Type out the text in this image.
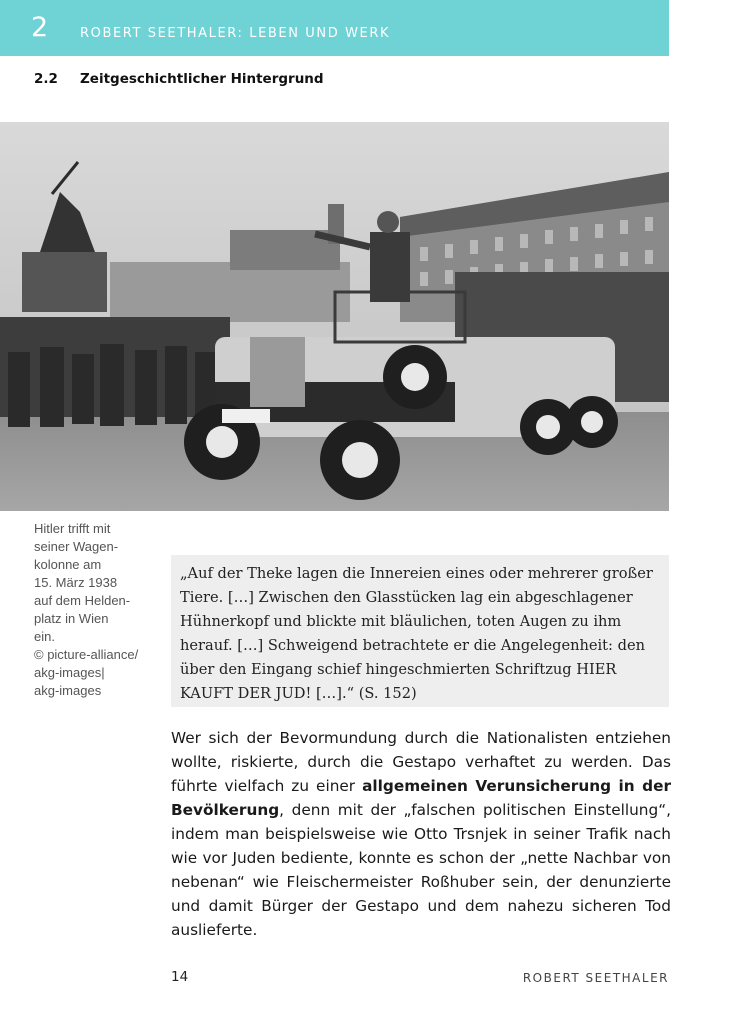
2 ROBERT SEETHALER: LEBEN UND WERK
2.2 Zeitgeschichtlicher Hintergrund
Hitler trifft mit
seiner Wagen-
kolonne am
15. März 1938
auf dem Helden-
platz in Wien
ein.
© picture-alliance/
akg-images|
akg-images
„Auf der Theke lagen die Innereien eines oder mehrerer großer
Tiere. […] Zwischen den Glasstücken lag ein abgeschlagener
Hühnerkopf und blickte mit bläulichen, toten Augen zu ihm
herauf. […] Schweigend betrachtete er die Angelegenheit: den
über den Eingang schief hingeschmierten Schriftzug HIER
KAUFT DER JUD! […].“ (S. 152)
Wer sich der Bevormundung durch die Nationalisten entziehen
wollte, riskierte, durch die Gestapo verhaftet zu werden. Das
führte vielfach zu einer allgemeinen Verunsicherung in der
Bevölkerung, denn mit der „falschen politischen Einstellung“,
indem man beispielsweise wie Otto Trsnjek in seiner Trafik nach
wie vor Juden bediente, konnte es schon der „nette Nachbar von
nebenan“ wie Fleischermeister Roßhuber sein, der denunzierte
und damit Bürger der Gestapo und dem nahezu sicheren Tod
auslieferte.
14	ROBERT SEETHALER
